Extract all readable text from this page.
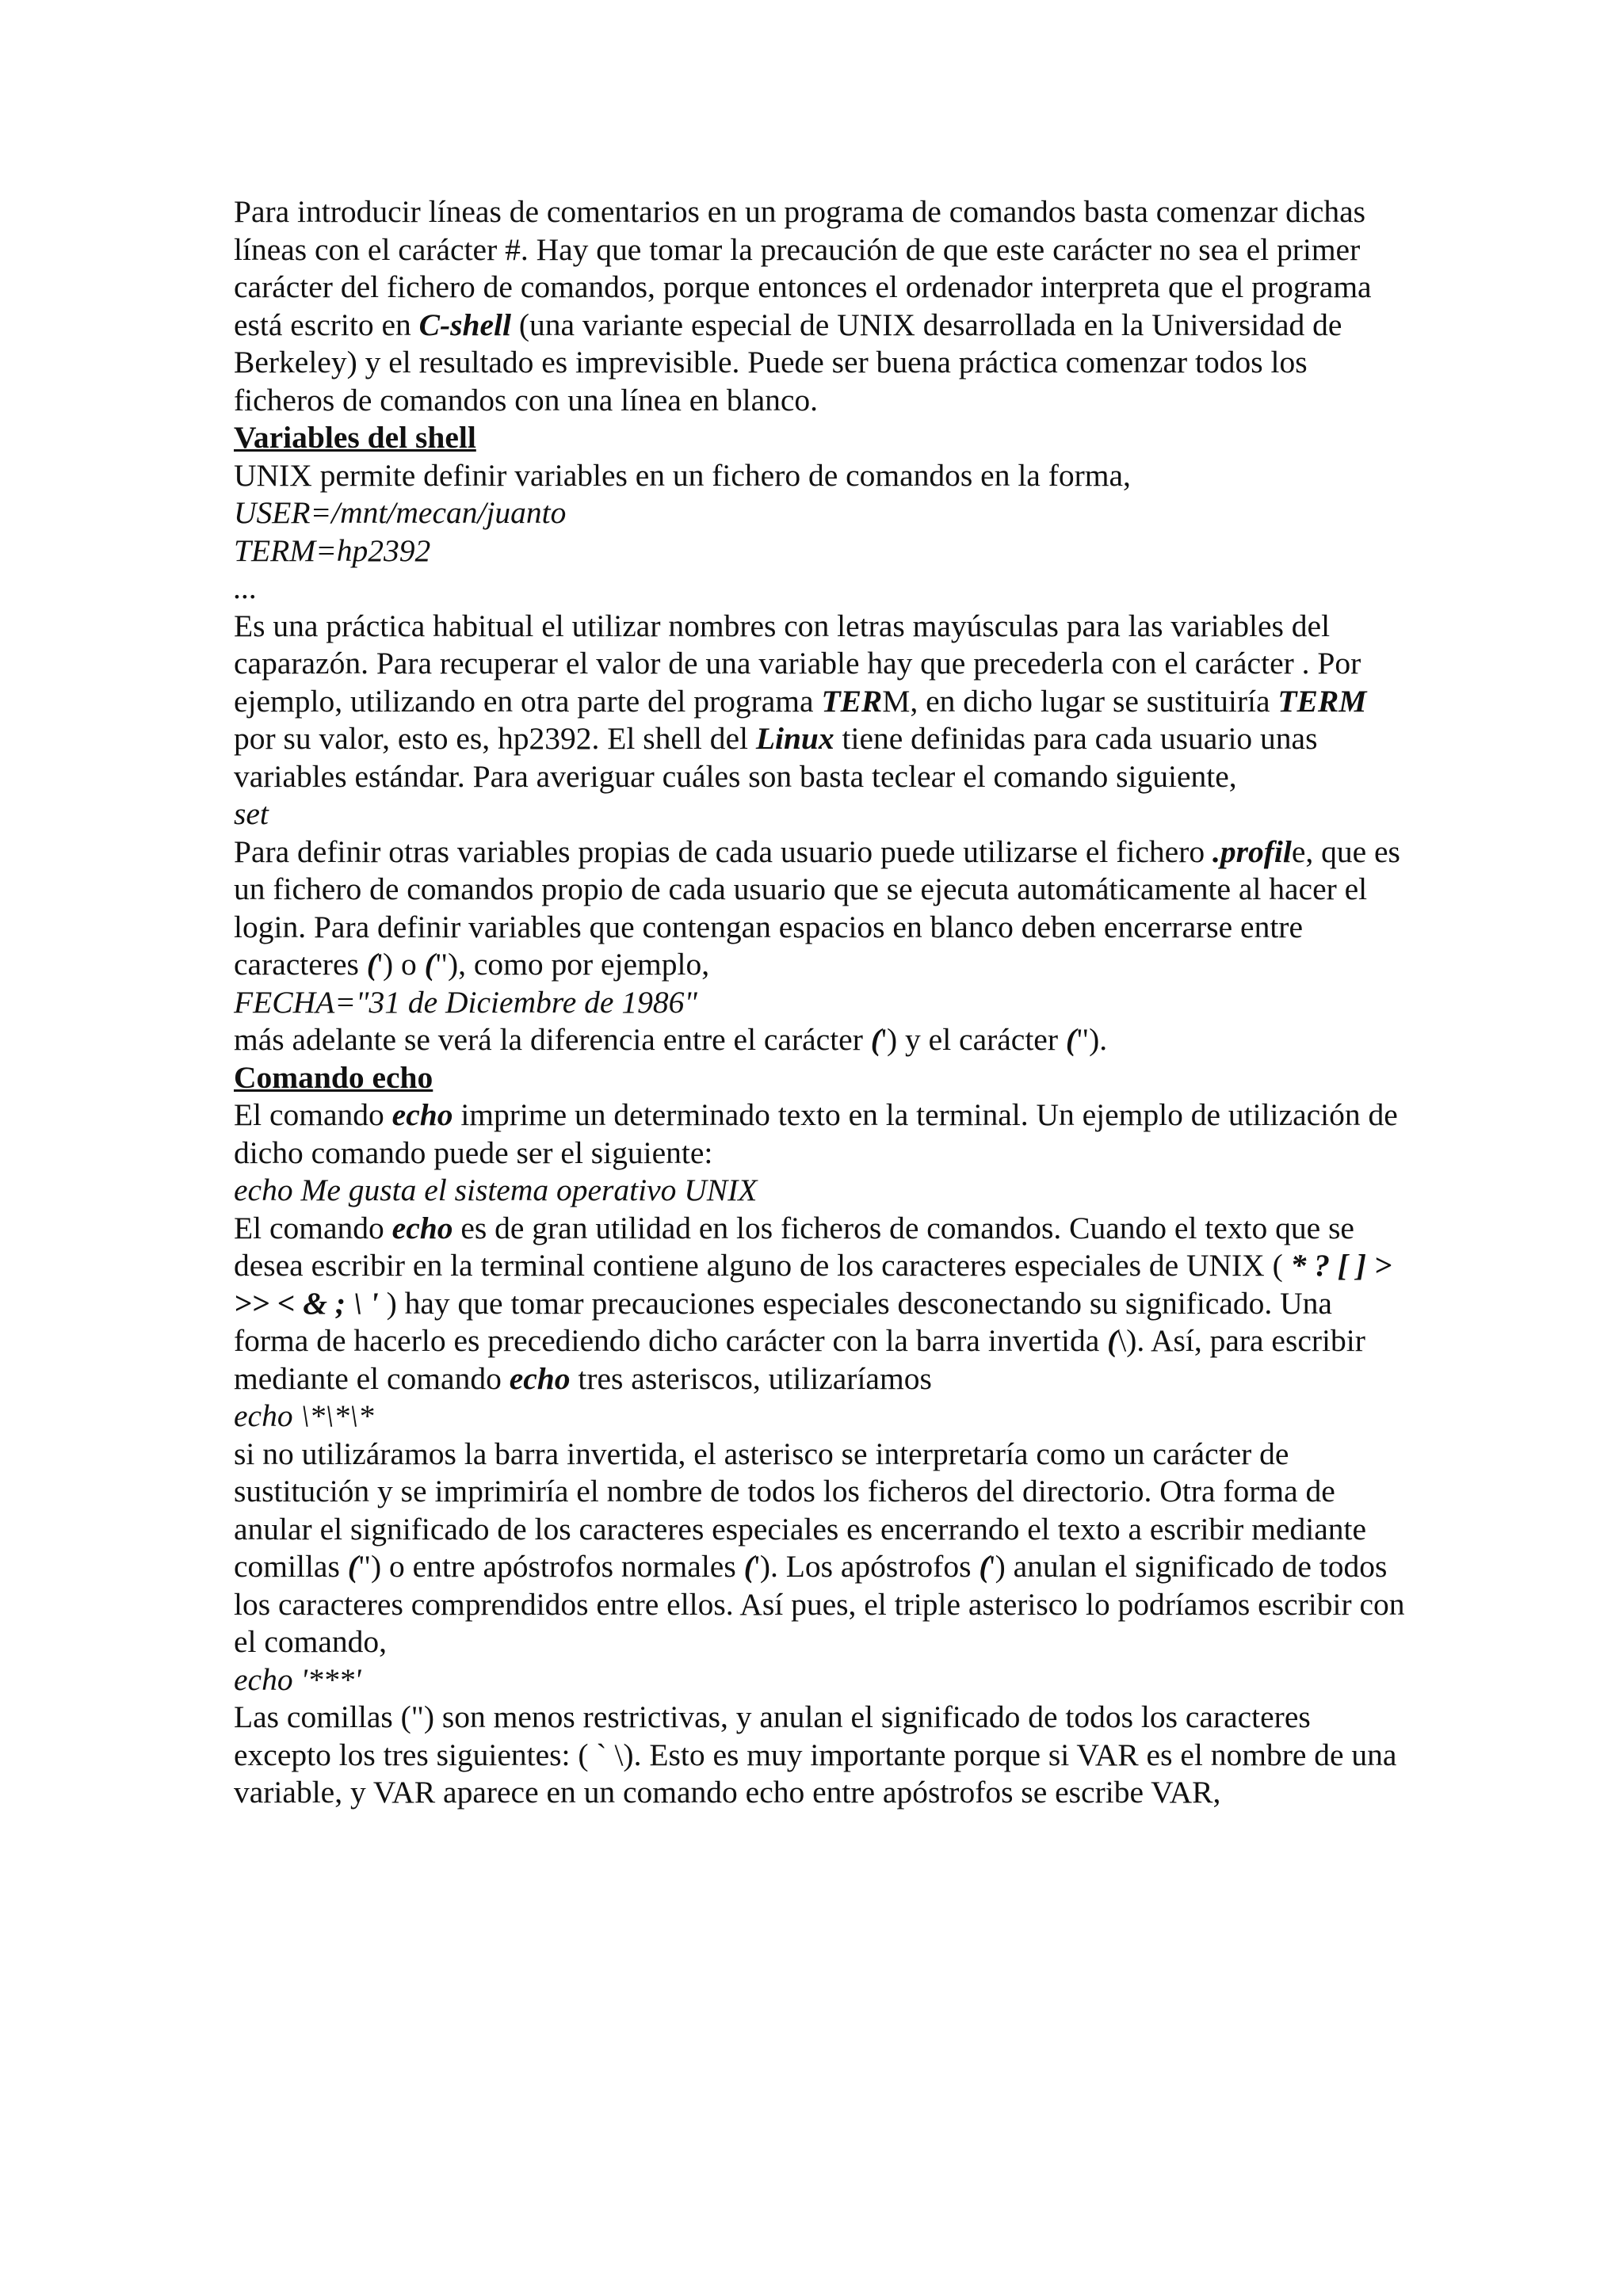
Para introducir líneas de comentarios en un programa de comandos basta comenzar dichas líneas con el carácter #. Hay que tomar la precaución de que este carácter no sea el primer carácter del fichero de comandos, porque entonces el ordenador interpreta que el programa está escrito en C-shell (una variante especial de UNIX desarrollada en la Universidad de Berkeley) y el resultado es imprevisible. Puede ser buena práctica comenzar todos los ficheros de comandos con una línea en blanco.

Variables del shell

UNIX permite definir variables en un fichero de comandos en la forma,

USER=/mnt/mecan/juanto

TERM=hp2392

...

Es una práctica habitual el utilizar nombres con letras mayúsculas para las variables del caparazón. Para recuperar el valor de una variable hay que precederla con el carácter . Por ejemplo, utilizando en otra parte del programa TERM, en dicho lugar se sustituiría TERM por su valor, esto es, hp2392. El shell del Linux tiene definidas para cada usuario unas variables estándar. Para averiguar cuáles son basta teclear el comando siguiente,

set

Para definir otras variables propias de cada usuario puede utilizarse el fichero .profile, que es un fichero de comandos propio de cada usuario que se ejecuta automáticamente al hacer el login. Para definir variables que contengan espacios en blanco deben encerrarse entre caracteres (') o ("), como por ejemplo,

FECHA="31 de Diciembre de 1986"

más adelante se verá la diferencia entre el carácter (') y el carácter (").

Comando echo

El comando echo imprime un determinado texto en la terminal. Un ejemplo de utilización de dicho comando puede ser el siguiente:

echo Me gusta el sistema operativo UNIX

El comando echo es de gran utilidad en los ficheros de comandos. Cuando el texto que se desea escribir en la terminal contiene alguno de los caracteres especiales de UNIX ( * ? [ ] > >> < & ; \ ' ) hay que tomar precauciones especiales desconectando su significado. Una forma de hacerlo es precediendo dicho carácter con la barra invertida (\). Así, para escribir mediante el comando echo tres asteriscos, utilizaríamos

echo \*\*\*

si no utilizáramos la barra invertida, el asterisco se interpretaría como un carácter de sustitución y se imprimiría el nombre de todos los ficheros del directorio. Otra forma de anular el significado de los caracteres especiales es encerrando el texto a escribir mediante comillas (") o entre apóstrofos normales ('). Los apóstrofos (') anulan el significado de todos los caracteres comprendidos entre ellos. Así pues, el triple asterisco lo podríamos escribir con el comando,

echo '***'

Las comillas (") son menos restrictivas, y anulan el significado de todos los caracteres excepto los tres siguientes: ( ` \). Esto es muy importante porque si VAR es el nombre de una variable, y VAR aparece en un comando echo entre apóstrofos se escribe VAR,
